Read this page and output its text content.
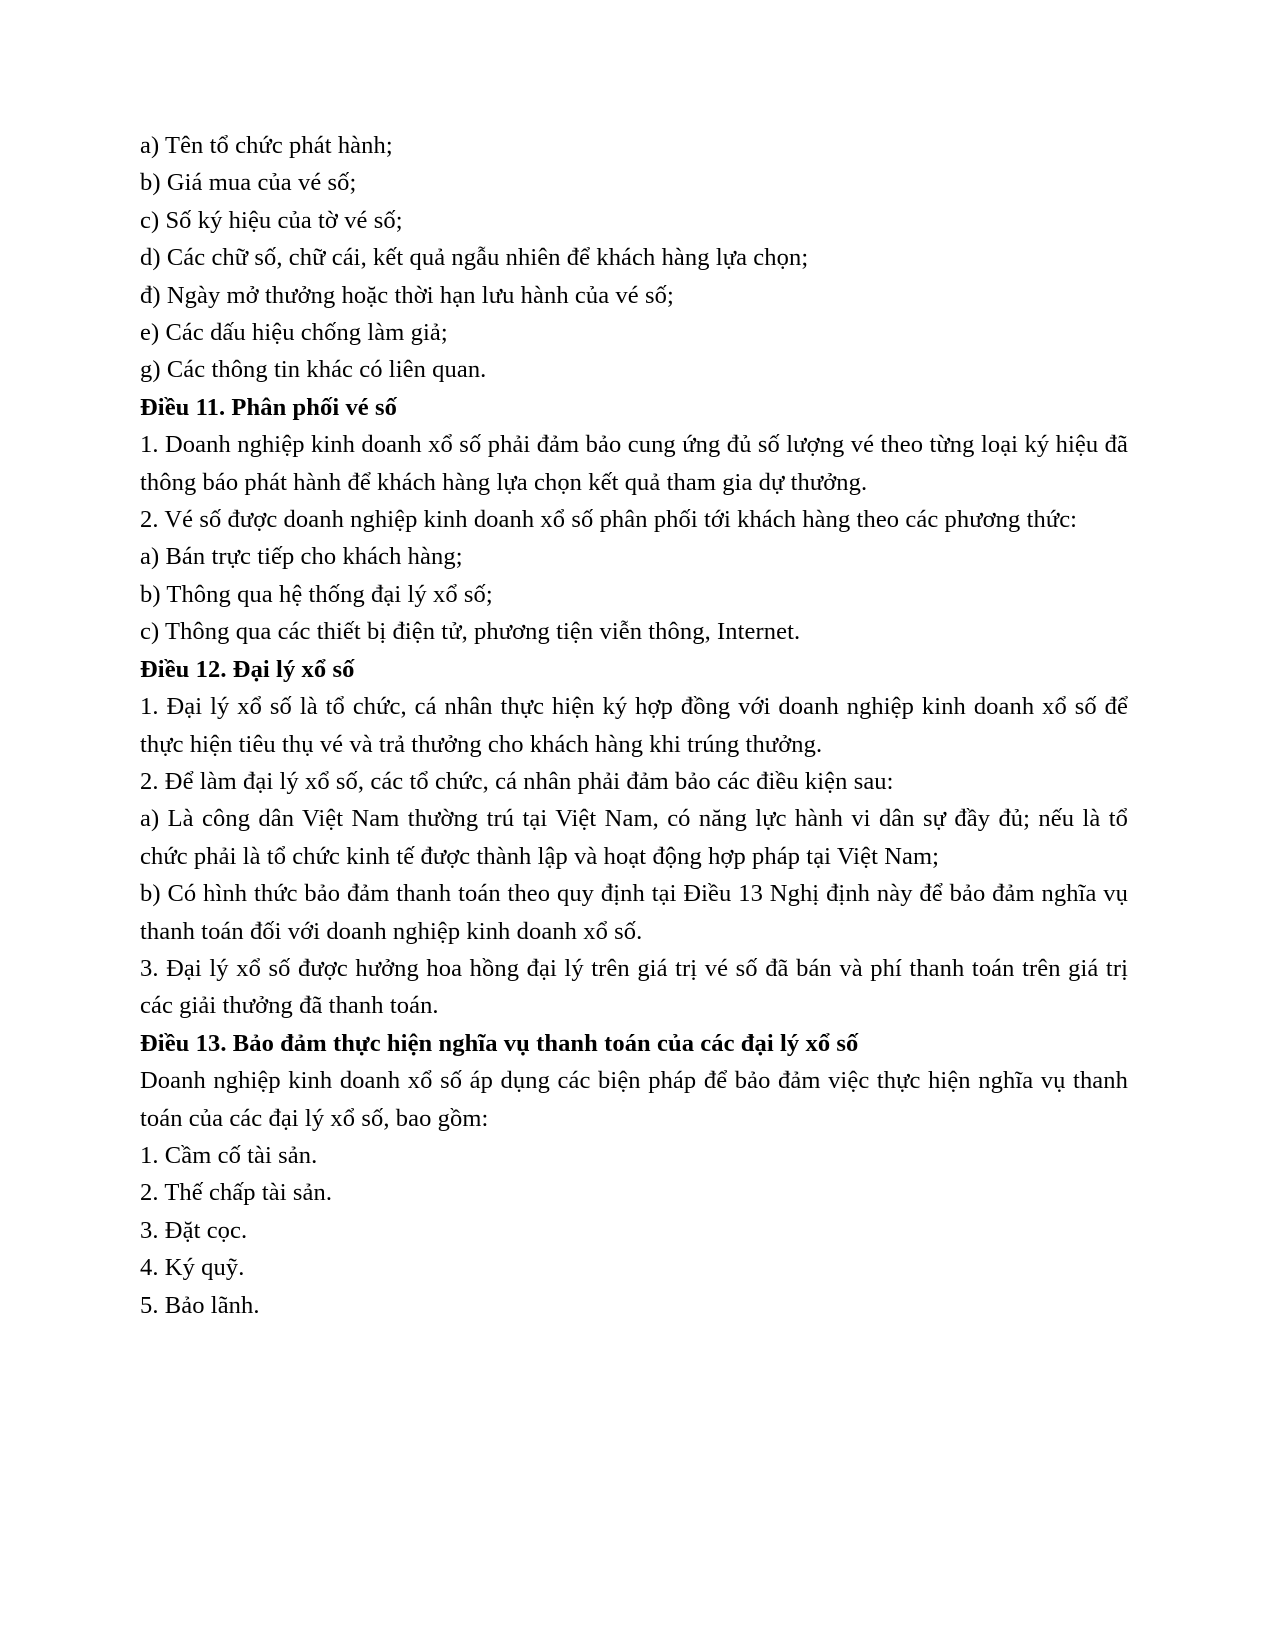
a) Tên tổ chức phát hành;

b) Giá mua của vé số;

c) Số ký hiệu của tờ vé số;

d) Các chữ số, chữ cái, kết quả ngẫu nhiên để khách hàng lựa chọn;

đ) Ngày mở thưởng hoặc thời hạn lưu hành của vé số;

e) Các dấu hiệu chống làm giả;

g) Các thông tin khác có liên quan.

Điều 11. Phân phối vé số

1. Doanh nghiệp kinh doanh xổ số phải đảm bảo cung ứng đủ số lượng vé theo từng loại ký hiệu đã thông báo phát hành để khách hàng lựa chọn kết quả tham gia dự thưởng.

2. Vé số được doanh nghiệp kinh doanh xổ số phân phối tới khách hàng theo các phương thức:

a) Bán trực tiếp cho khách hàng;

b) Thông qua hệ thống đại lý xổ số;

c) Thông qua các thiết bị điện tử, phương tiện viễn thông, Internet.

Điều 12. Đại lý xổ số

1. Đại lý xổ số là tổ chức, cá nhân thực hiện ký hợp đồng với doanh nghiệp kinh doanh xổ số để thực hiện tiêu thụ vé và trả thưởng cho khách hàng khi trúng thưởng.

2. Để làm đại lý xổ số, các tổ chức, cá nhân phải đảm bảo các điều kiện sau:

a) Là công dân Việt Nam thường trú tại Việt Nam, có năng lực hành vi dân sự đầy đủ; nếu là tổ chức phải là tổ chức kinh tế được thành lập và hoạt động hợp pháp tại Việt Nam;

b) Có hình thức bảo đảm thanh toán theo quy định tại Điều 13 Nghị định này để bảo đảm nghĩa vụ thanh toán đối với doanh nghiệp kinh doanh xổ số.

3. Đại lý xổ số được hưởng hoa hồng đại lý trên giá trị vé số đã bán và phí thanh toán trên giá trị các giải thưởng đã thanh toán.

Điều 13. Bảo đảm thực hiện nghĩa vụ thanh toán của các đại lý xổ số

Doanh nghiệp kinh doanh xổ số áp dụng các biện pháp để bảo đảm việc thực hiện nghĩa vụ thanh toán của các đại lý xổ số, bao gồm:

1. Cầm cố tài sản.

2. Thế chấp tài sản.

3. Đặt cọc.

4. Ký quỹ.

5. Bảo lãnh.
